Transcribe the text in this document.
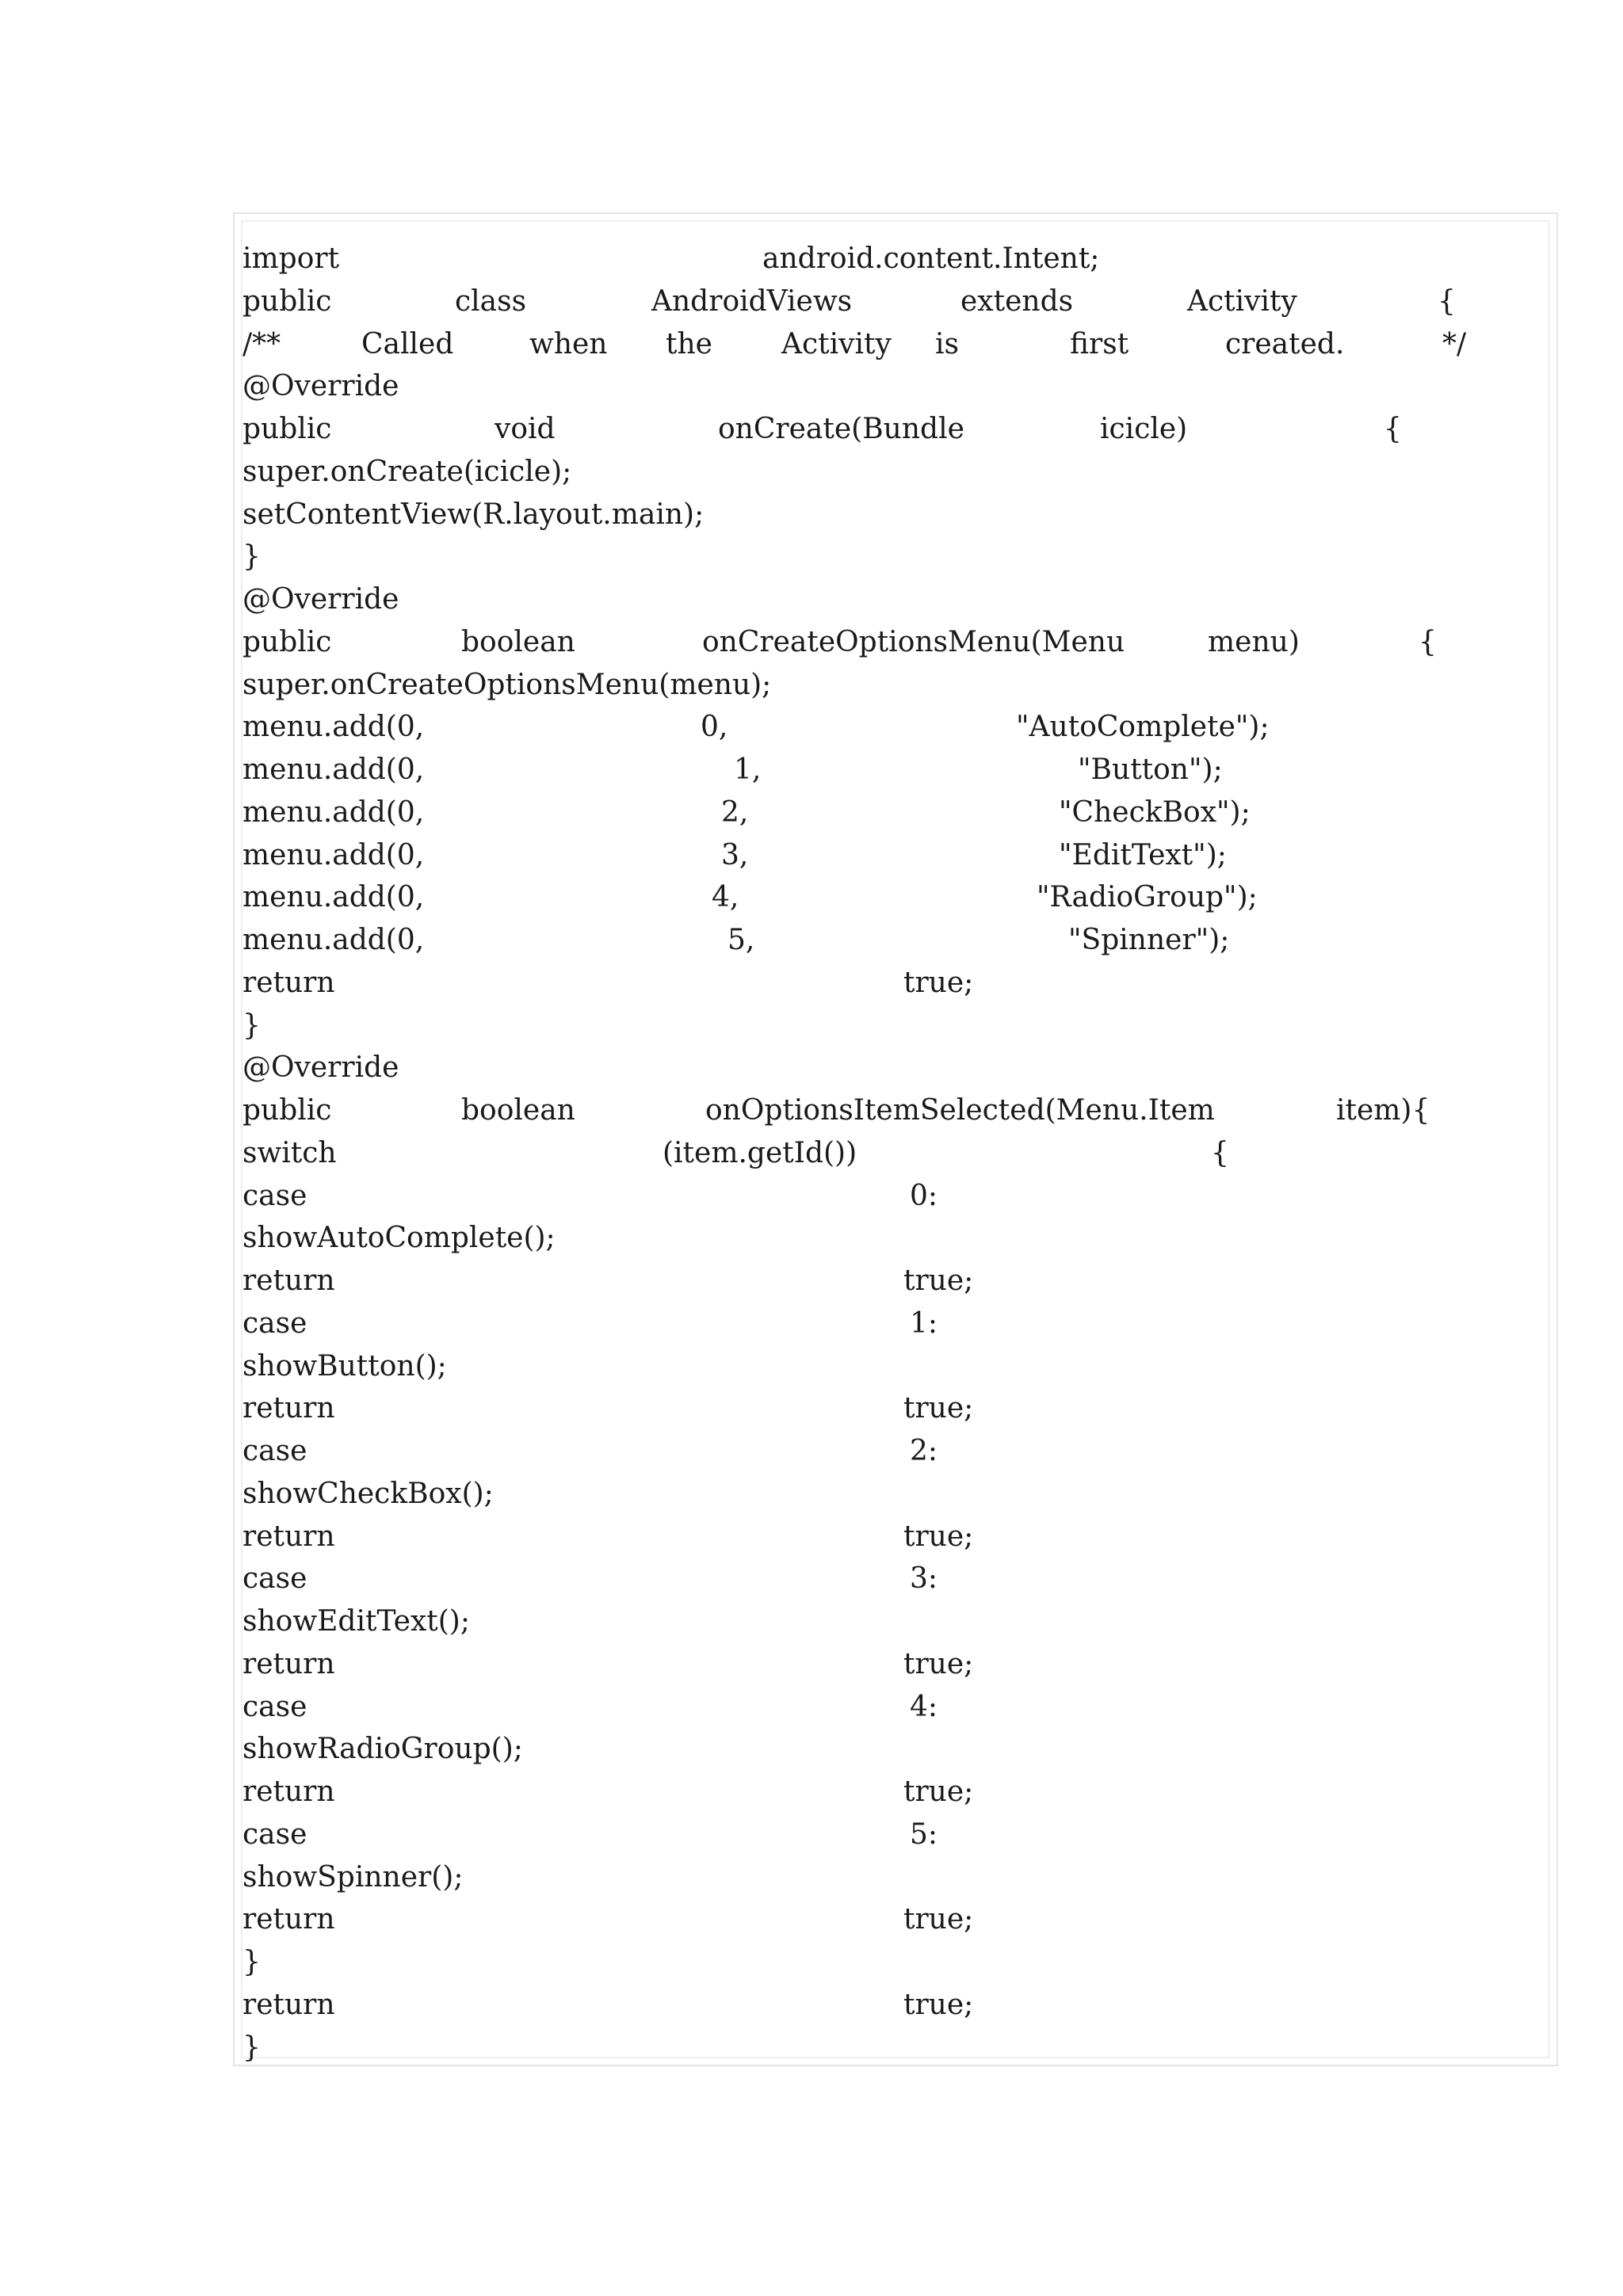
import	android.content.Intent;
public	class	AndroidViews	extends	Activity	{
/**	Called	when the Activity is	first	created.	*/
@Override
public	void	onCreate(Bundle	icicle)	{
super.onCreate(icicle);
setContentView(R.layout.main);
}
@Override
public	boolean	onCreateOptionsMenu(Menu	menu)	{
super.onCreateOptionsMenu(menu);
menu.add(0,	0,	"AutoComplete");
menu.add(0,	1,	"Button");
menu.add(0,	2,	"CheckBox");
menu.add(0,	3,	"EditText");
menu.add(0,	4,	"RadioGroup");
menu.add(0,	5,	"Spinner");
return	true;
}
@Override
public	boolean	onOptionsItemSelected(Menu.Item	item){
switch	(item.getId())	{
case	0:
showAutoComplete();
return	true;
case	1:
showButton();
return	true;
case	2:
showCheckBox();
return	true;
case	3:
showEditText();
return	true;
case	4:
showRadioGroup();
return	true;
case	5:
showSpinner();
return	true;
}
return	true;
}
